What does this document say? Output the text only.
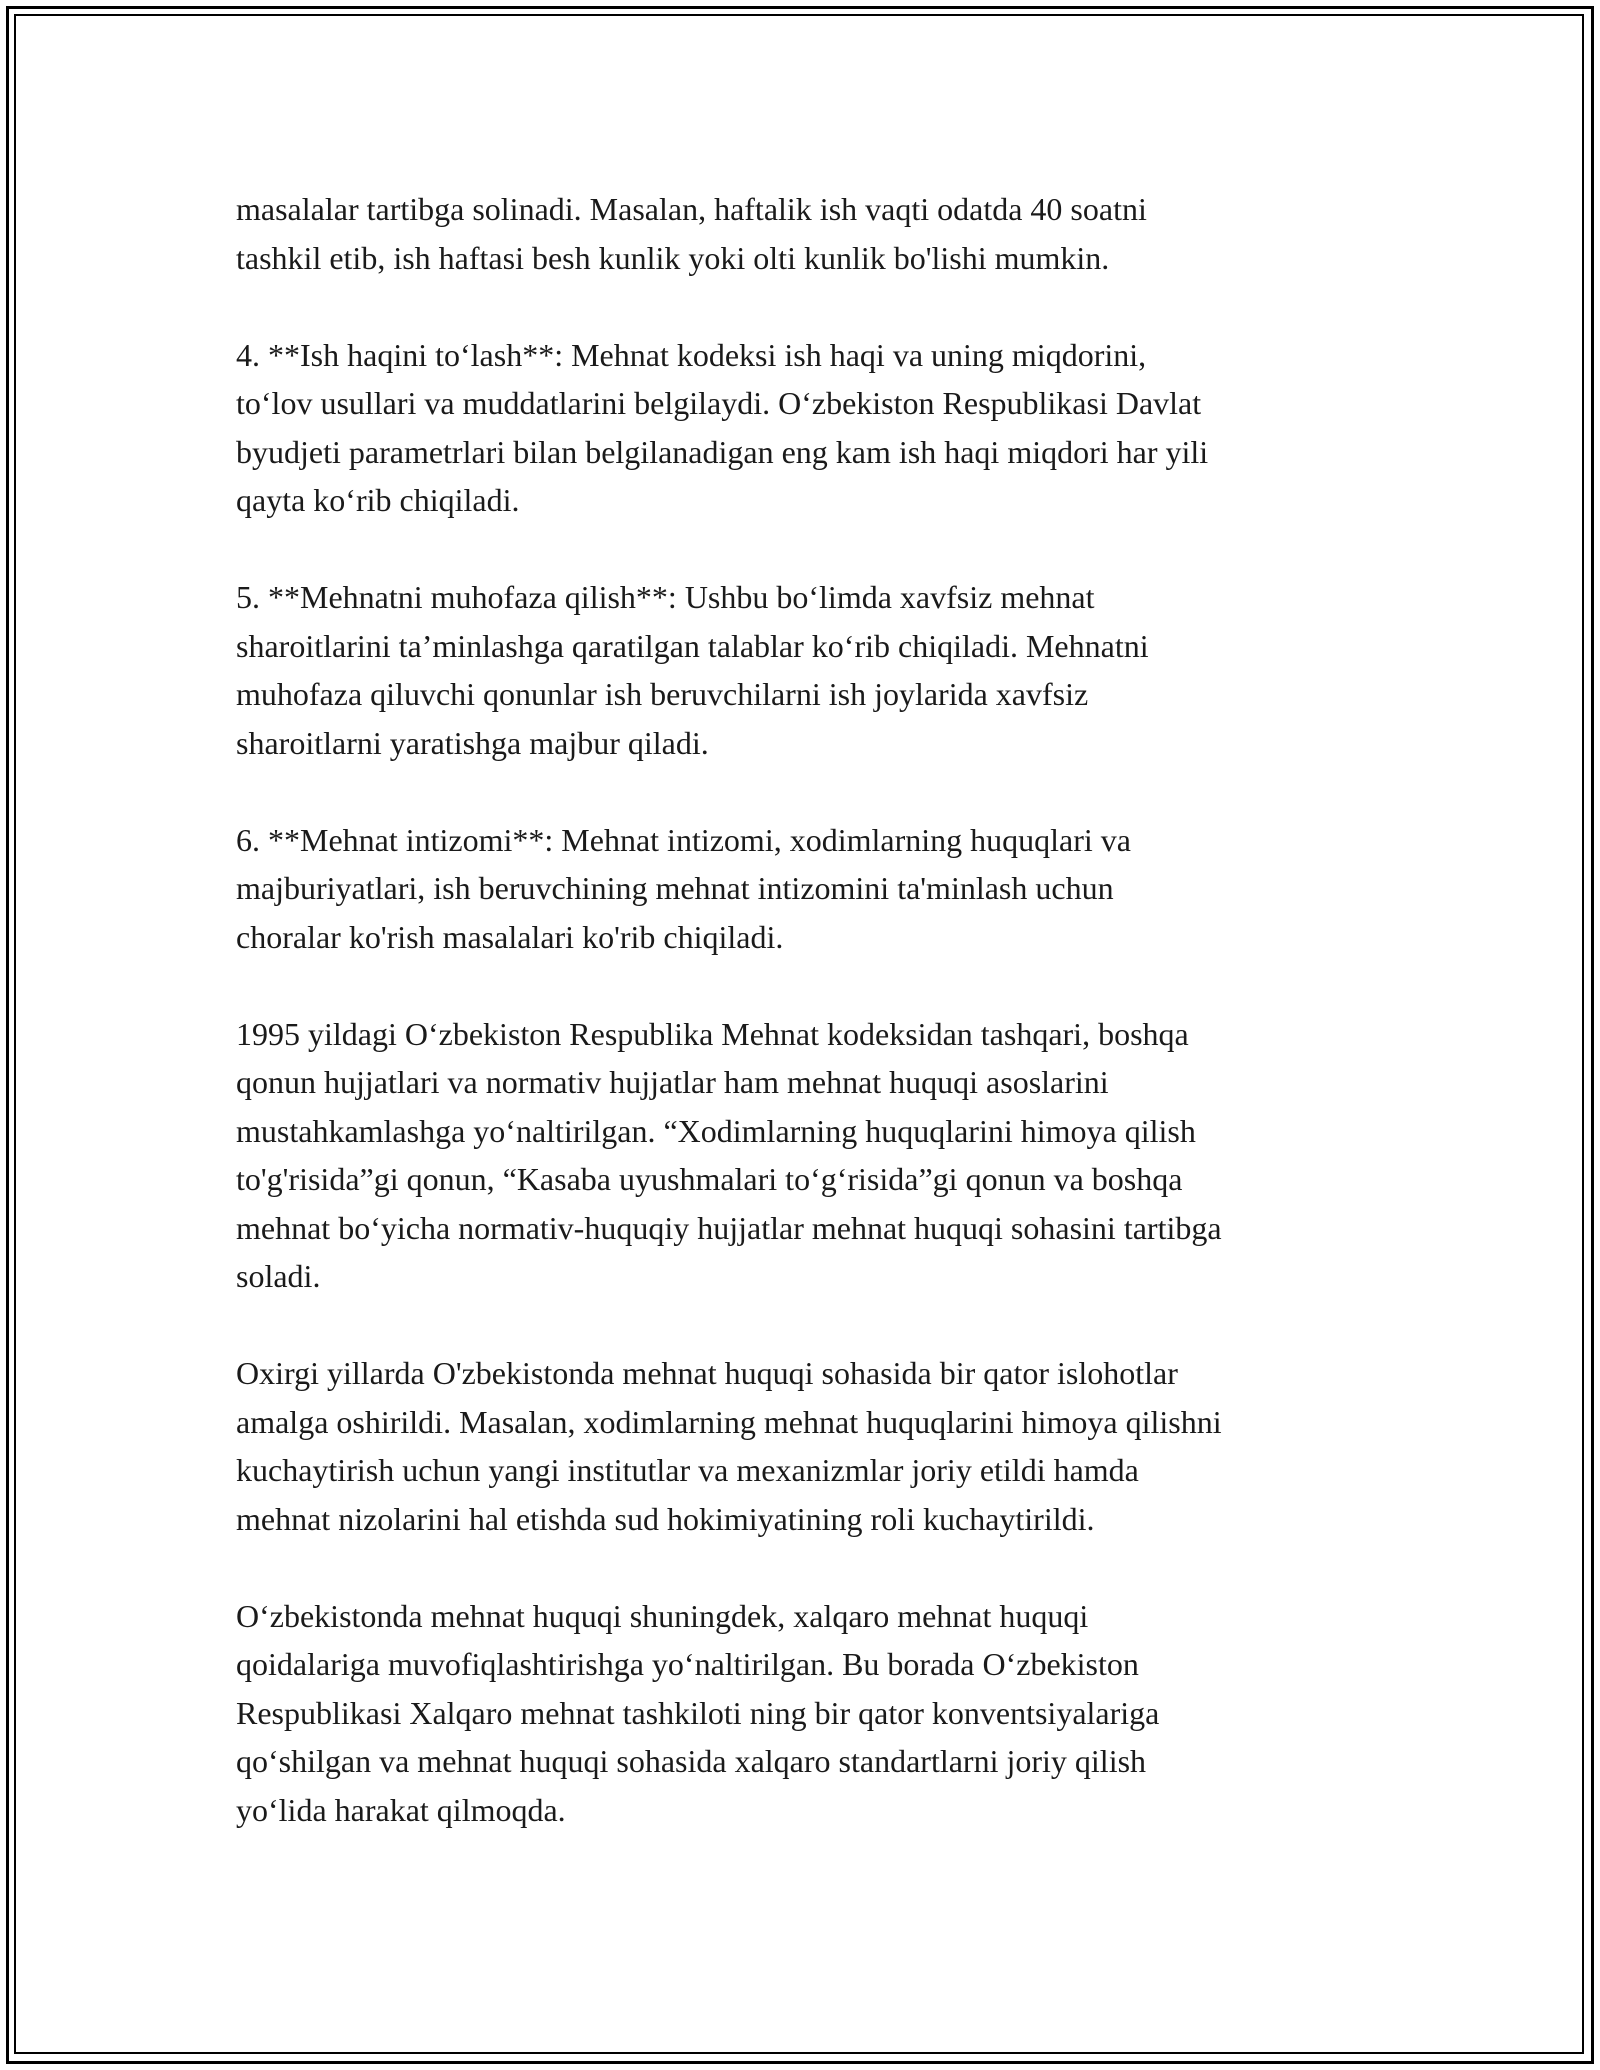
masalalar tartibga solinadi. Masalan, haftalik ish vaqti odatda 40 soatni
tashkil etib, ish haftasi besh kunlik yoki olti kunlik bo'lishi mumkin.
4. **Ish haqini to‘lash**: Mehnat kodeksi ish haqi va uning miqdorini,
to‘lov usullari va muddatlarini belgilaydi. O‘zbekiston Respublikasi Davlat
byudjeti parametrlari bilan belgilanadigan eng kam ish haqi miqdori har yili
qayta ko‘rib chiqiladi.
5. **Mehnatni muhofaza qilish**: Ushbu bo‘limda xavfsiz mehnat
sharoitlarini ta’minlashga qaratilgan talablar ko‘rib chiqiladi. Mehnatni
muhofaza qiluvchi qonunlar ish beruvchilarni ish joylarida xavfsiz
sharoitlarni yaratishga majbur qiladi.
6. **Mehnat intizomi**: Mehnat intizomi, xodimlarning huquqlari va
majburiyatlari, ish beruvchining mehnat intizomini ta'minlash uchun
choralar ko'rish masalalari ko'rib chiqiladi.
1995 yildagi O‘zbekiston Respublika Mehnat kodeksidan tashqari, boshqa
qonun hujjatlari va normativ hujjatlar ham mehnat huquqi asoslarini
mustahkamlashga yo‘naltirilgan. “Xodimlarning huquqlarini himoya qilish
to'g'risida”gi qonun, “Kasaba uyushmalari to‘g‘risida”gi qonun va boshqa
mehnat bo‘yicha normativ-huquqiy hujjatlar mehnat huquqi sohasini tartibga
soladi.
Oxirgi yillarda O'zbekistonda mehnat huquqi sohasida bir qator islohotlar
amalga oshirildi. Masalan, xodimlarning mehnat huquqlarini himoya qilishni
kuchaytirish uchun yangi institutlar va mexanizmlar joriy etildi hamda
mehnat nizolarini hal etishda sud hokimiyatining roli kuchaytirildi.
O‘zbekistonda mehnat huquqi shuningdek, xalqaro mehnat huquqi
qoidalariga muvofiqlashtirishga yo‘naltirilgan. Bu borada O‘zbekiston
Respublikasi Xalqaro mehnat tashkiloti ning bir qator konventsiyalariga
qo‘shilgan va mehnat huquqi sohasida xalqaro standartlarni joriy qilish
yo‘lida harakat qilmoqda.
